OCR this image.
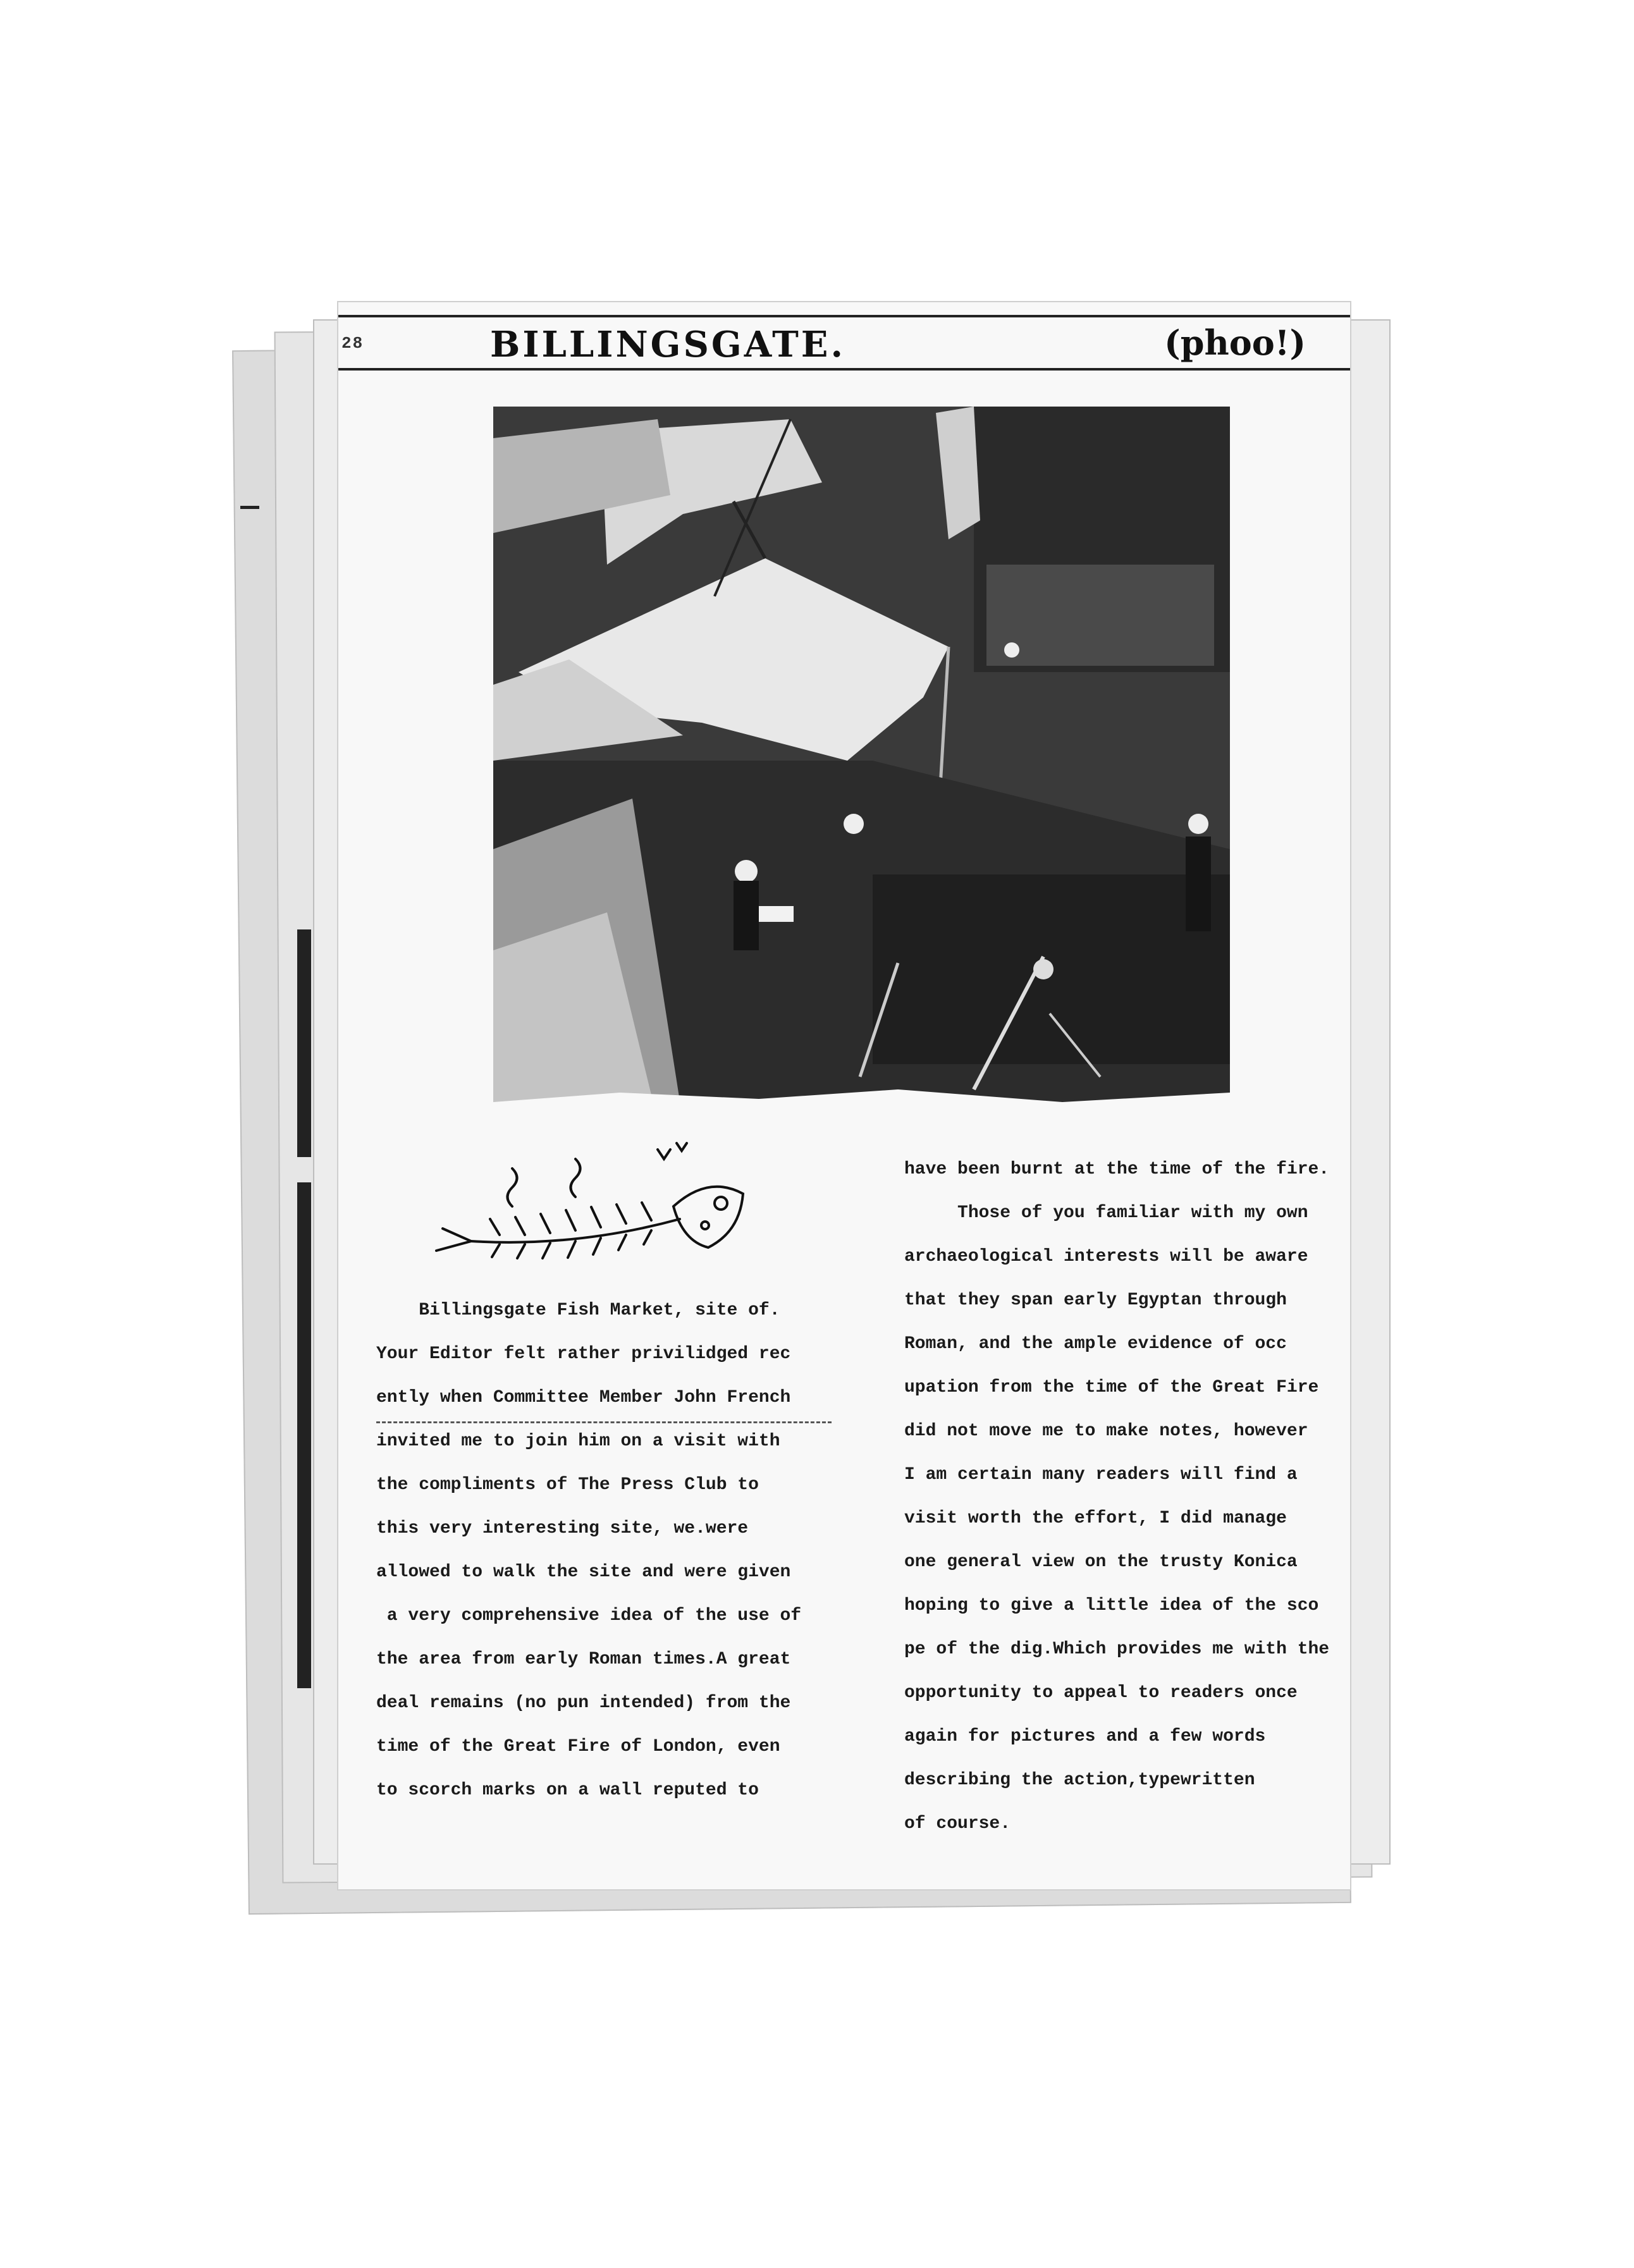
28	BILLINGSGATE.	(phoo!)

Billingsgate Fish Market, site of.

Your Editor felt rather privilidged rec

ently when Committee Member John French

invited me to join him on a visit with

the compliments of The Press Club to

this very interesting site, we.were

allowed to walk the site and were given

a very comprehensive idea of the use of

the area from early Roman times.A great

deal remains (no pun intended) from the

time of the Great Fire of London, even

to scorch marks on a wall reputed to

have been burnt at the time of the fire.

Those of you familiar with my own

archaeological interests will be aware

that they span early Egyptan through

Roman, and the ample evidence of occ

upation from the time of the Great Fire

did not move me to make notes, however

I am certain many readers will find a

visit worth the effort, I did manage

one general view on the trusty Konica

hoping to give a little idea of the sco

pe of the dig.Which provides me with the

opportunity to appeal to readers once

again for pictures and a few words

describing the action,typewritten

of course.
